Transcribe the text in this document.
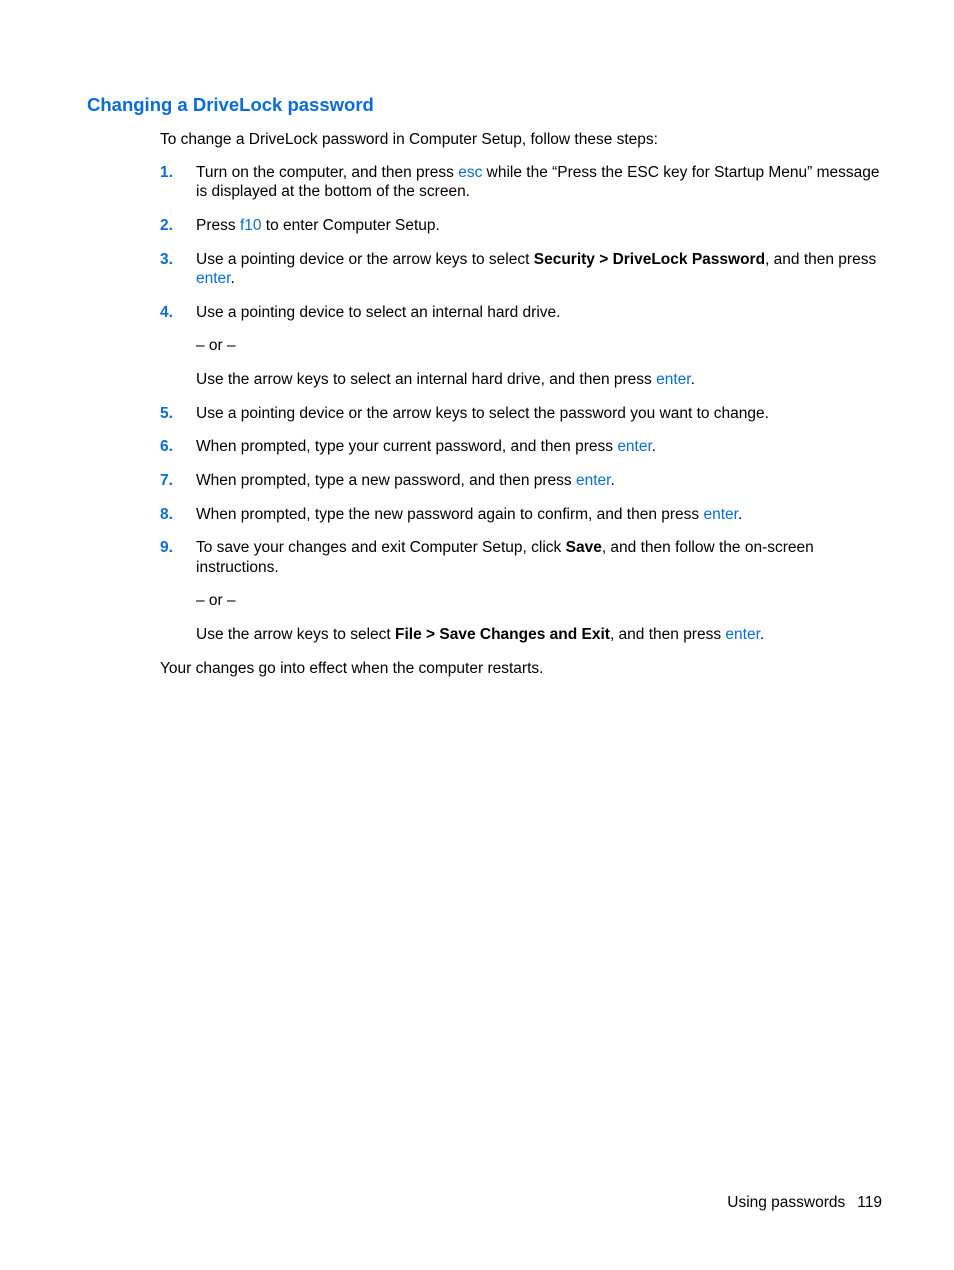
Changing a DriveLock password
To change a DriveLock password in Computer Setup, follow these steps:
1. Turn on the computer, and then press esc while the “Press the ESC key for Startup Menu” message
is displayed at the bottom of the screen.
2. Press f10 to enter Computer Setup.
3. Use a pointing device or the arrow keys to select Security > DriveLock Password, and then press
enter.
4. Use a pointing device to select an internal hard drive.
– or –
Use the arrow keys to select an internal hard drive, and then press enter.
5. Use a pointing device or the arrow keys to select the password you want to change.
6. When prompted, type your current password, and then press enter.
7. When prompted, type a new password, and then press enter.
8. When prompted, type the new password again to confirm, and then press enter.
9. To save your changes and exit Computer Setup, click Save, and then follow the on-screen
instructions.
– or –
Use the arrow keys to select File > Save Changes and Exit, and then press enter.
Your changes go into effect when the computer restarts.
Using passwords 119
